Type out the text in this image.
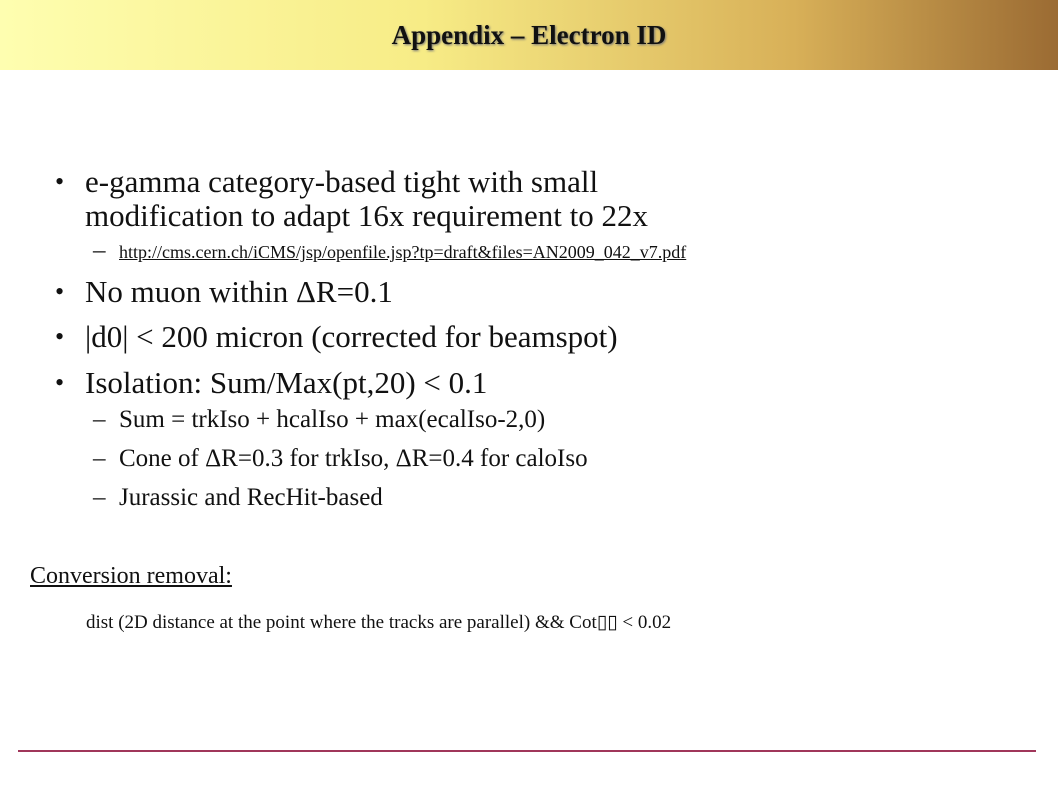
Appendix – Electron ID
• e-gamma category-based tight with small
modification to adapt 16x requirement to 22x
– http://cms.cern.ch/iCMS/jsp/openfile.jsp?tp=draft&files=AN2009_042_v7.pdf
• No muon within ΔR=0.1
• |d0| < 200 micron (corrected for beamspot)
• Isolation: Sum/Max(pt,20) < 0.1
– Sum = trkIso + hcalIso + max(ecalIso-2,0)
– Cone of ΔR=0.3 for trkIso, ΔR=0.4 for caloIso
– Jurassic and RecHit-based
Conversion removal:
dist (2D distance at the point where the tracks are parallel) && Cot▯▯ < 0.02
